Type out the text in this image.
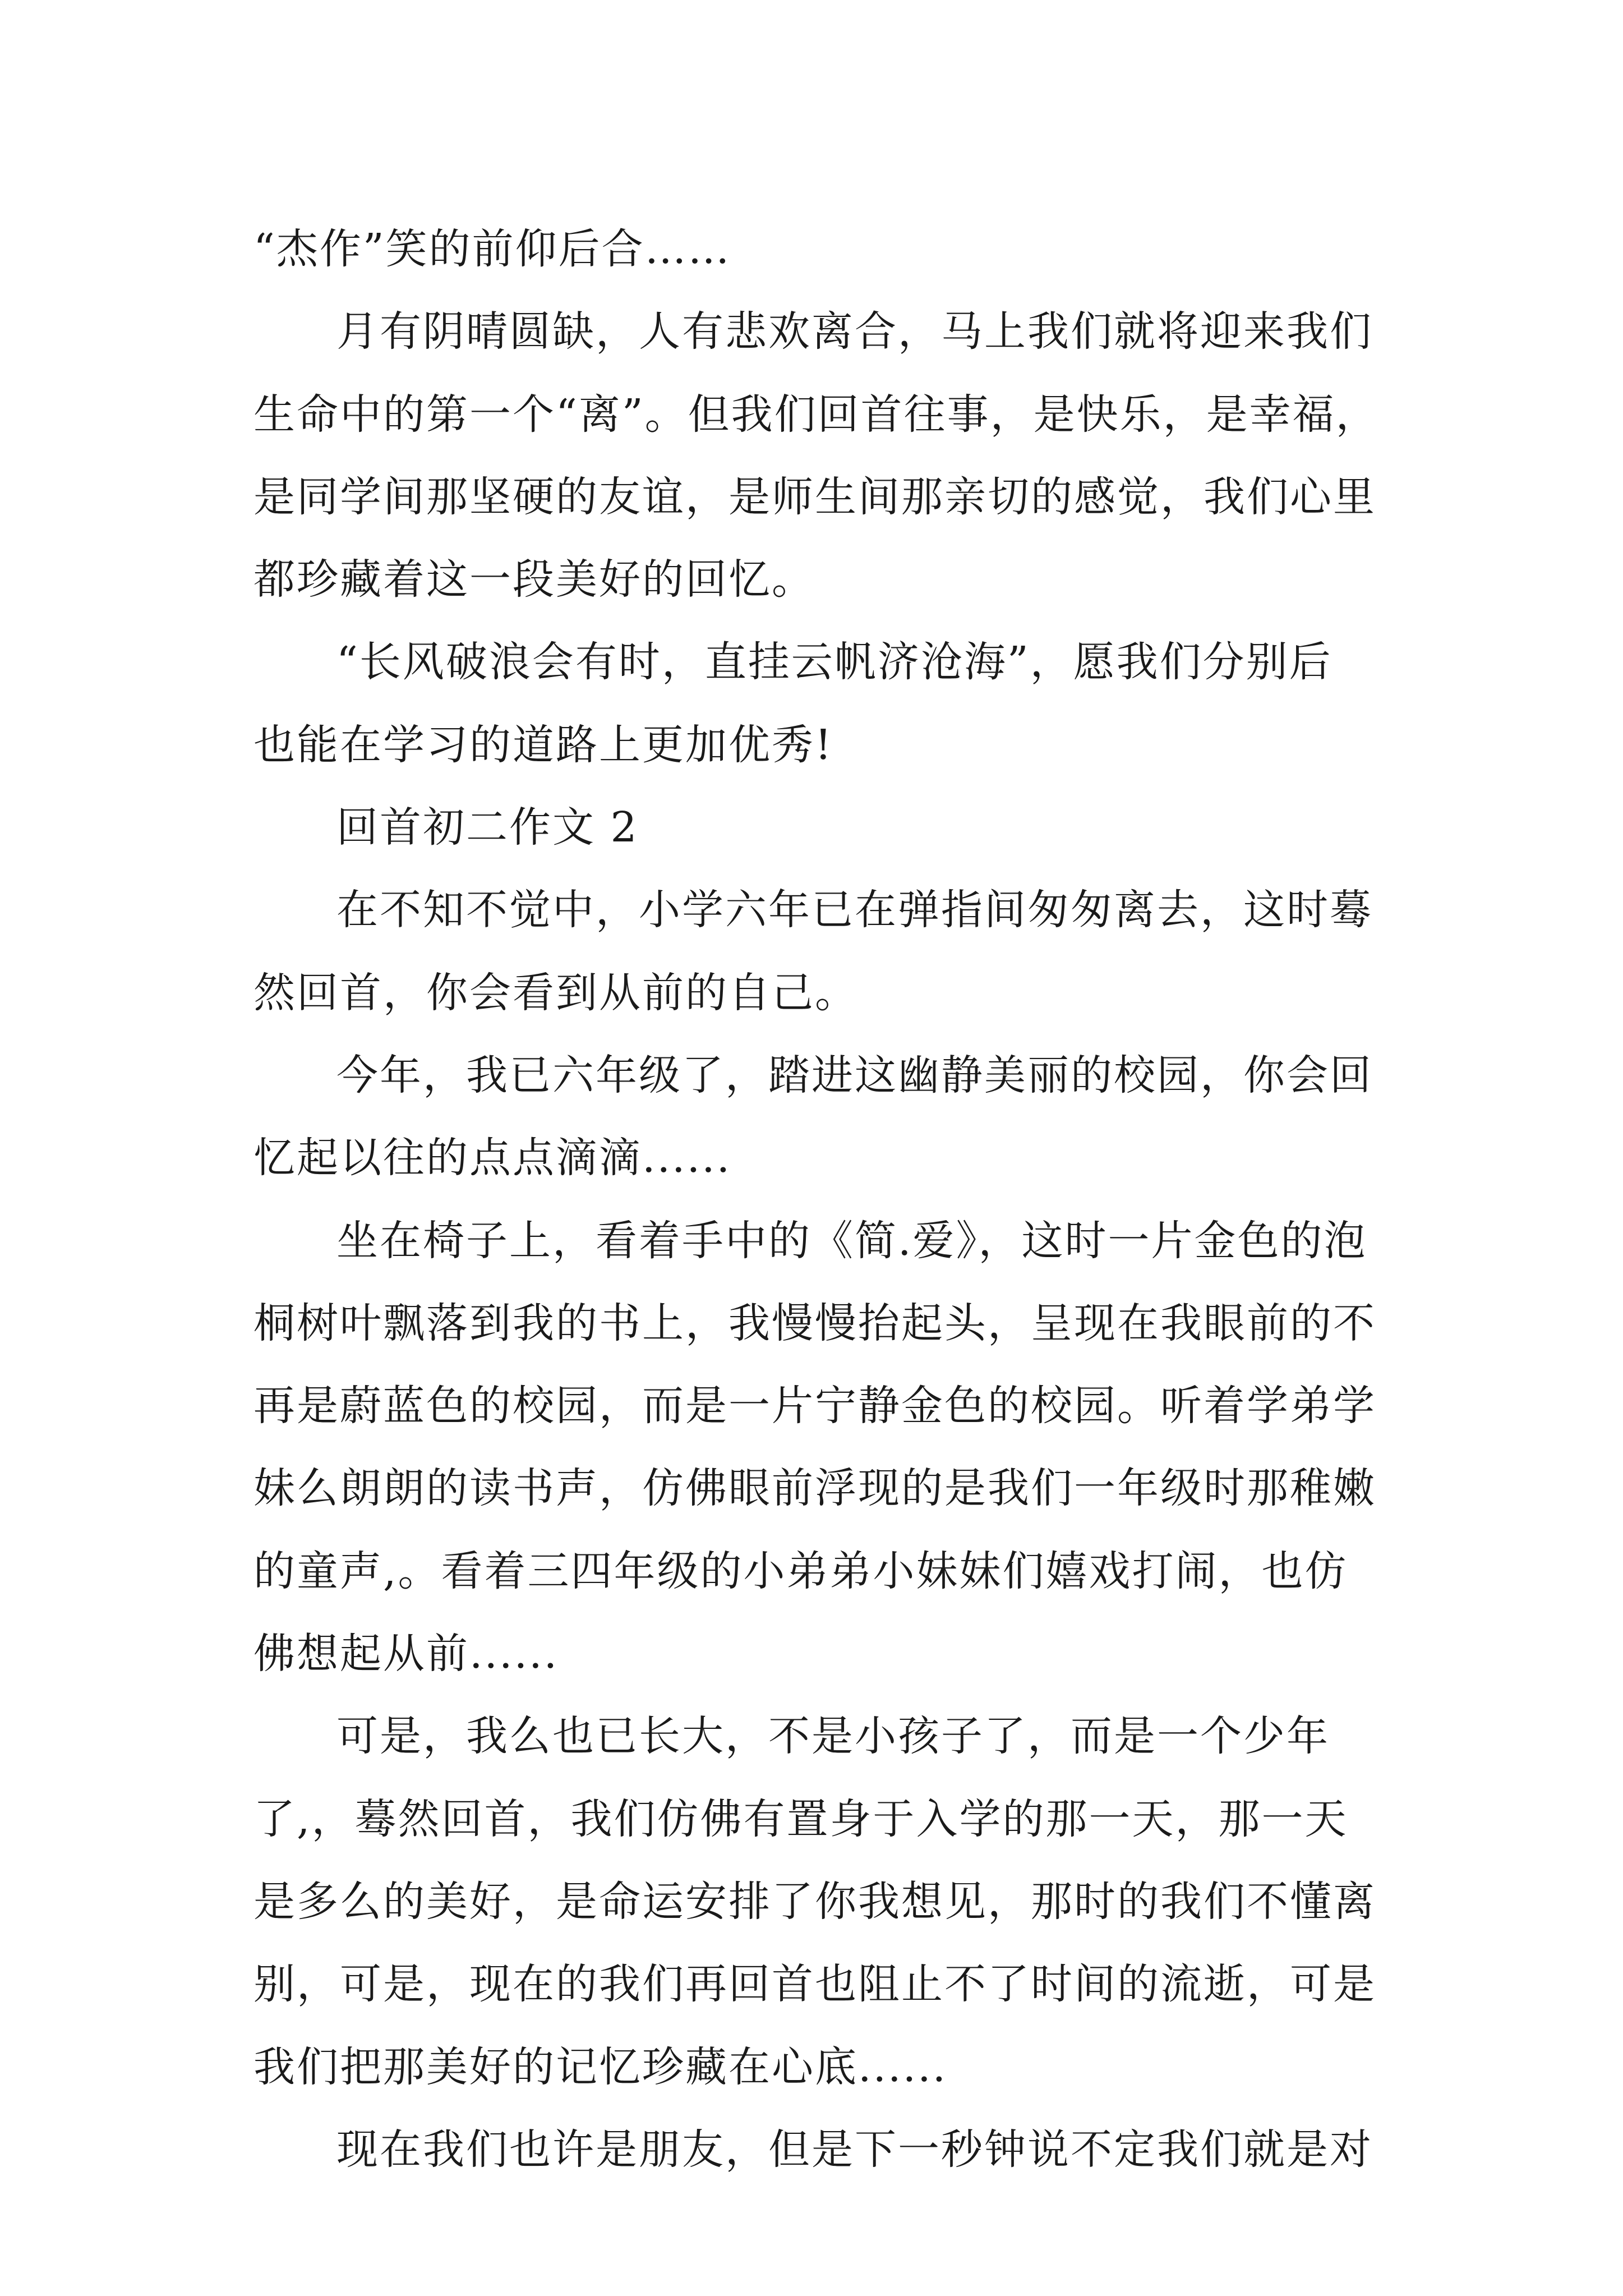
“杰作”笑的前仰后合……
月有阴晴圆缺，人有悲欢离合，马上我们就将迎来我们
生命中的第一个“离”。但我们回首往事，是快乐，是幸福，
是同学间那坚硬的友谊，是师生间那亲切的感觉，我们心里
都珍藏着这一段美好的回忆。
“长风破浪会有时，直挂云帆济沧海”，愿我们分别后
也能在学习的道路上更加优秀!
回首初二作文 2
在不知不觉中，小学六年已在弹指间匆匆离去，这时蓦
然回首，你会看到从前的自己。
今年，我已六年级了，踏进这幽静美丽的校园，你会回
忆起以往的点点滴滴......
坐在椅子上，看着手中的《简.爱》，这时一片金色的泡
桐树叶飘落到我的书上，我慢慢抬起头，呈现在我眼前的不
再是蔚蓝色的校园，而是一片宁静金色的校园。听着学弟学
妹么朗朗的读书声，仿佛眼前浮现的是我们一年级时那稚嫩
的童声,。看着三四年级的小弟弟小妹妹们嬉戏打闹，也仿
佛想起从前......
可是，我么也已长大，不是小孩子了，而是一个少年
了,，蓦然回首，我们仿佛有置身于入学的那一天，那一天
是多么的美好，是命运安排了你我想见，那时的我们不懂离
别，可是，现在的我们再回首也阻止不了时间的流逝，可是
我们把那美好的记忆珍藏在心底......
现在我们也许是朋友，但是下一秒钟说不定我们就是对
